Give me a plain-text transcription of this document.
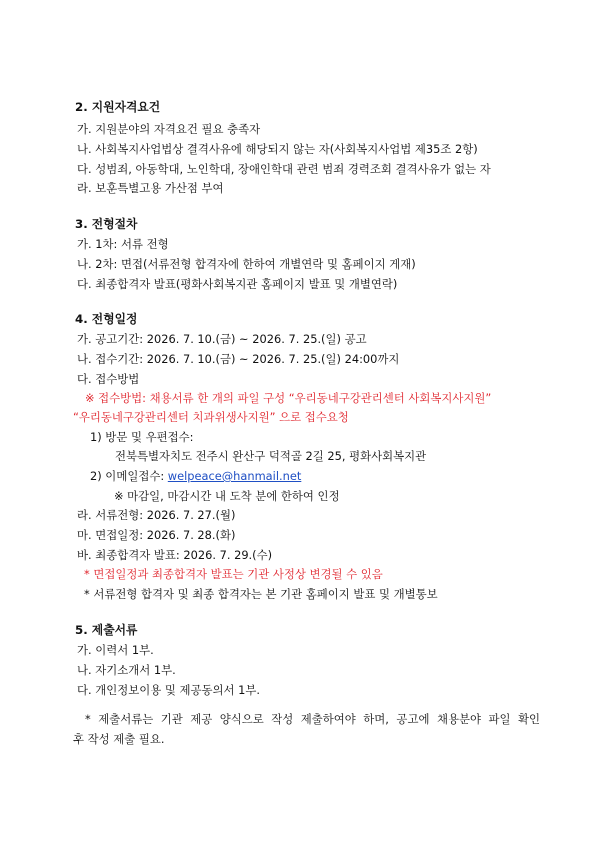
2. 지원자격요건
가. 지원분야의 자격요건 필요 충족자
나. 사회복지사업법상 결격사유에 해당되지 않는 자(사회복지사업법 제35조 2항)
다. 성범죄, 아동학대, 노인학대, 장애인학대 관련 범죄 경력조회 결격사유가 없는 자
라. 보훈특별고용 가산점 부여
3. 전형절차
가. 1차: 서류 전형
나. 2차: 면접(서류전형 합격자에 한하여 개별연락 및 홈페이지 게재)
다. 최종합격자 발표(평화사회복지관 홈페이지 발표 및 개별연락)
4. 전형일정
가. 공고기간: 2026. 7. 10.(금) ~ 2026. 7. 25.(일) 공고
나. 접수기간: 2026. 7. 10.(금) ~ 2026. 7. 25.(일) 24:00까지
다. 접수방법
※ 접수방법: 채용서류 한 개의 파일 구성 “우리동네구강관리센터 사회복지사지원”
“우리동네구강관리센터 치과위생사지원” 으로 접수요청
1) 방문 및 우편접수:
전북특별자치도 전주시 완산구 덕적골 2길 25, 평화사회복지관
2) 이메일접수: welpeace@hanmail.net
※ 마감일, 마감시간 내 도착 분에 한하여 인정
라. 서류전형: 2026. 7. 27.(월)
마. 면접일정: 2026. 7. 28.(화)
바. 최종합격자 발표: 2026. 7. 29.(수)
* 면접일정과 최종합격자 발표는 기관 사정상 변경될 수 있음
* 서류전형 합격자 및 최종 합격자는 본 기관 홈페이지 발표 및 개별통보
5. 제출서류
가. 이력서 1부.
나. 자기소개서 1부.
다. 개인정보이용 및 제공동의서 1부.
* 제출서류는 기관 제공 양식으로 작성 제출하여야 하며, 공고에 채용분야 파일 확인
후 작성 제출 필요.
